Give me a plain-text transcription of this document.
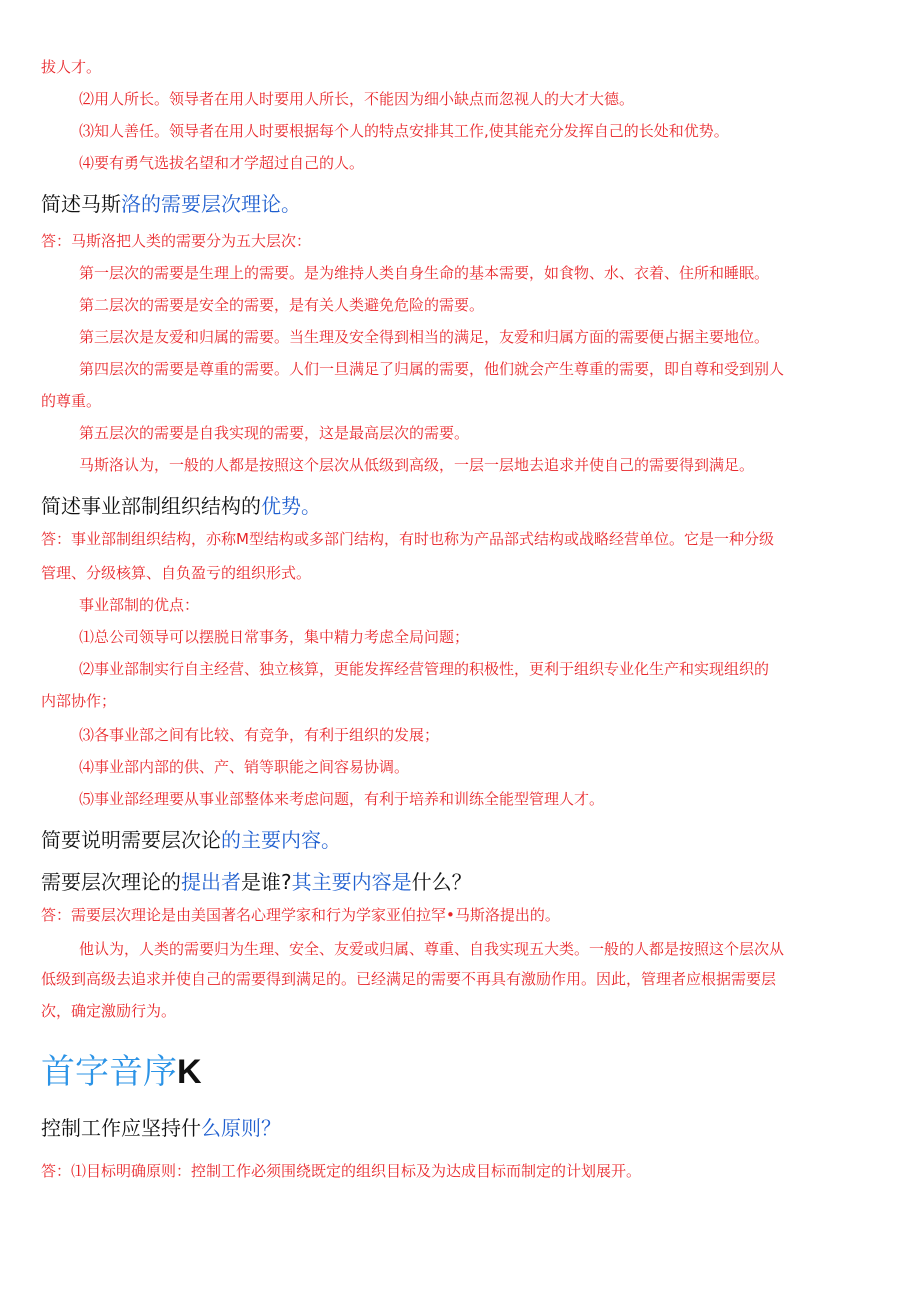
拔人才。
⑵用人所长。领导者在用人时要用人所长，不能因为细小缺点而忽视人的大才大德。
⑶知人善任。领导者在用人时要根据每个人的特点安排其工作,使其能充分发挥自己的长处和优势。
⑷要有勇气选拔名望和才学超过自己的人。
简述马斯洛的需要层次理论。
答：马斯洛把人类的需要分为五大层次：
第一层次的需要是生理上的需要。是为维持人类自身生命的基本需要，如食物、水、衣着、住所和睡眠。
第二层次的需要是安全的需要，是有关人类避免危险的需要。
第三层次是友爱和归属的需要。当生理及安全得到相当的满足，友爱和归属方面的需要便占据主要地位。
第四层次的需要是尊重的需要。人们一旦满足了归属的需要，他们就会产生尊重的需要，即自尊和受到别人
的尊重。
第五层次的需要是自我实现的需要，这是最高层次的需要。
马斯洛认为，一般的人都是按照这个层次从低级到高级，一层一层地去追求并使自己的需要得到满足。
简述事业部制组织结构的优势。
答：事业部制组织结构，亦称M型结构或多部门结构，有时也称为产品部式结构或战略经营单位。它是一种分级
管理、分级核算、自负盈亏的组织形式。
事业部制的优点：
⑴总公司领导可以摆脱日常事务，集中精力考虑全局问题；
⑵事业部制实行自主经营、独立核算，更能发挥经营管理的积极性，更利于组织专业化生产和实现组织的
内部协作；
⑶各事业部之间有比较、有竞争，有利于组织的发展；
⑷事业部内部的供、产、销等职能之间容易协调。
⑸事业部经理要从事业部整体来考虑问题，有利于培养和训练全能型管理人才。
简要说明需要层次论的主要内容。
需要层次理论的提出者是谁?其主要内容是什么？
答：需要层次理论是由美国著名心理学家和行为学家亚伯拉罕•马斯洛提出的。
他认为，人类的需要归为生理、安全、友爱或归属、尊重、自我实现五大类。一般的人都是按照这个层次从
低级到高级去追求并使自己的需要得到满足的。已经满足的需要不再具有激励作用。因此，管理者应根据需要层
次，确定激励行为。
首字音序K
控制工作应坚持什么原则？
答：⑴目标明确原则：控制工作必须围绕既定的组织目标及为达成目标而制定的计划展开。
